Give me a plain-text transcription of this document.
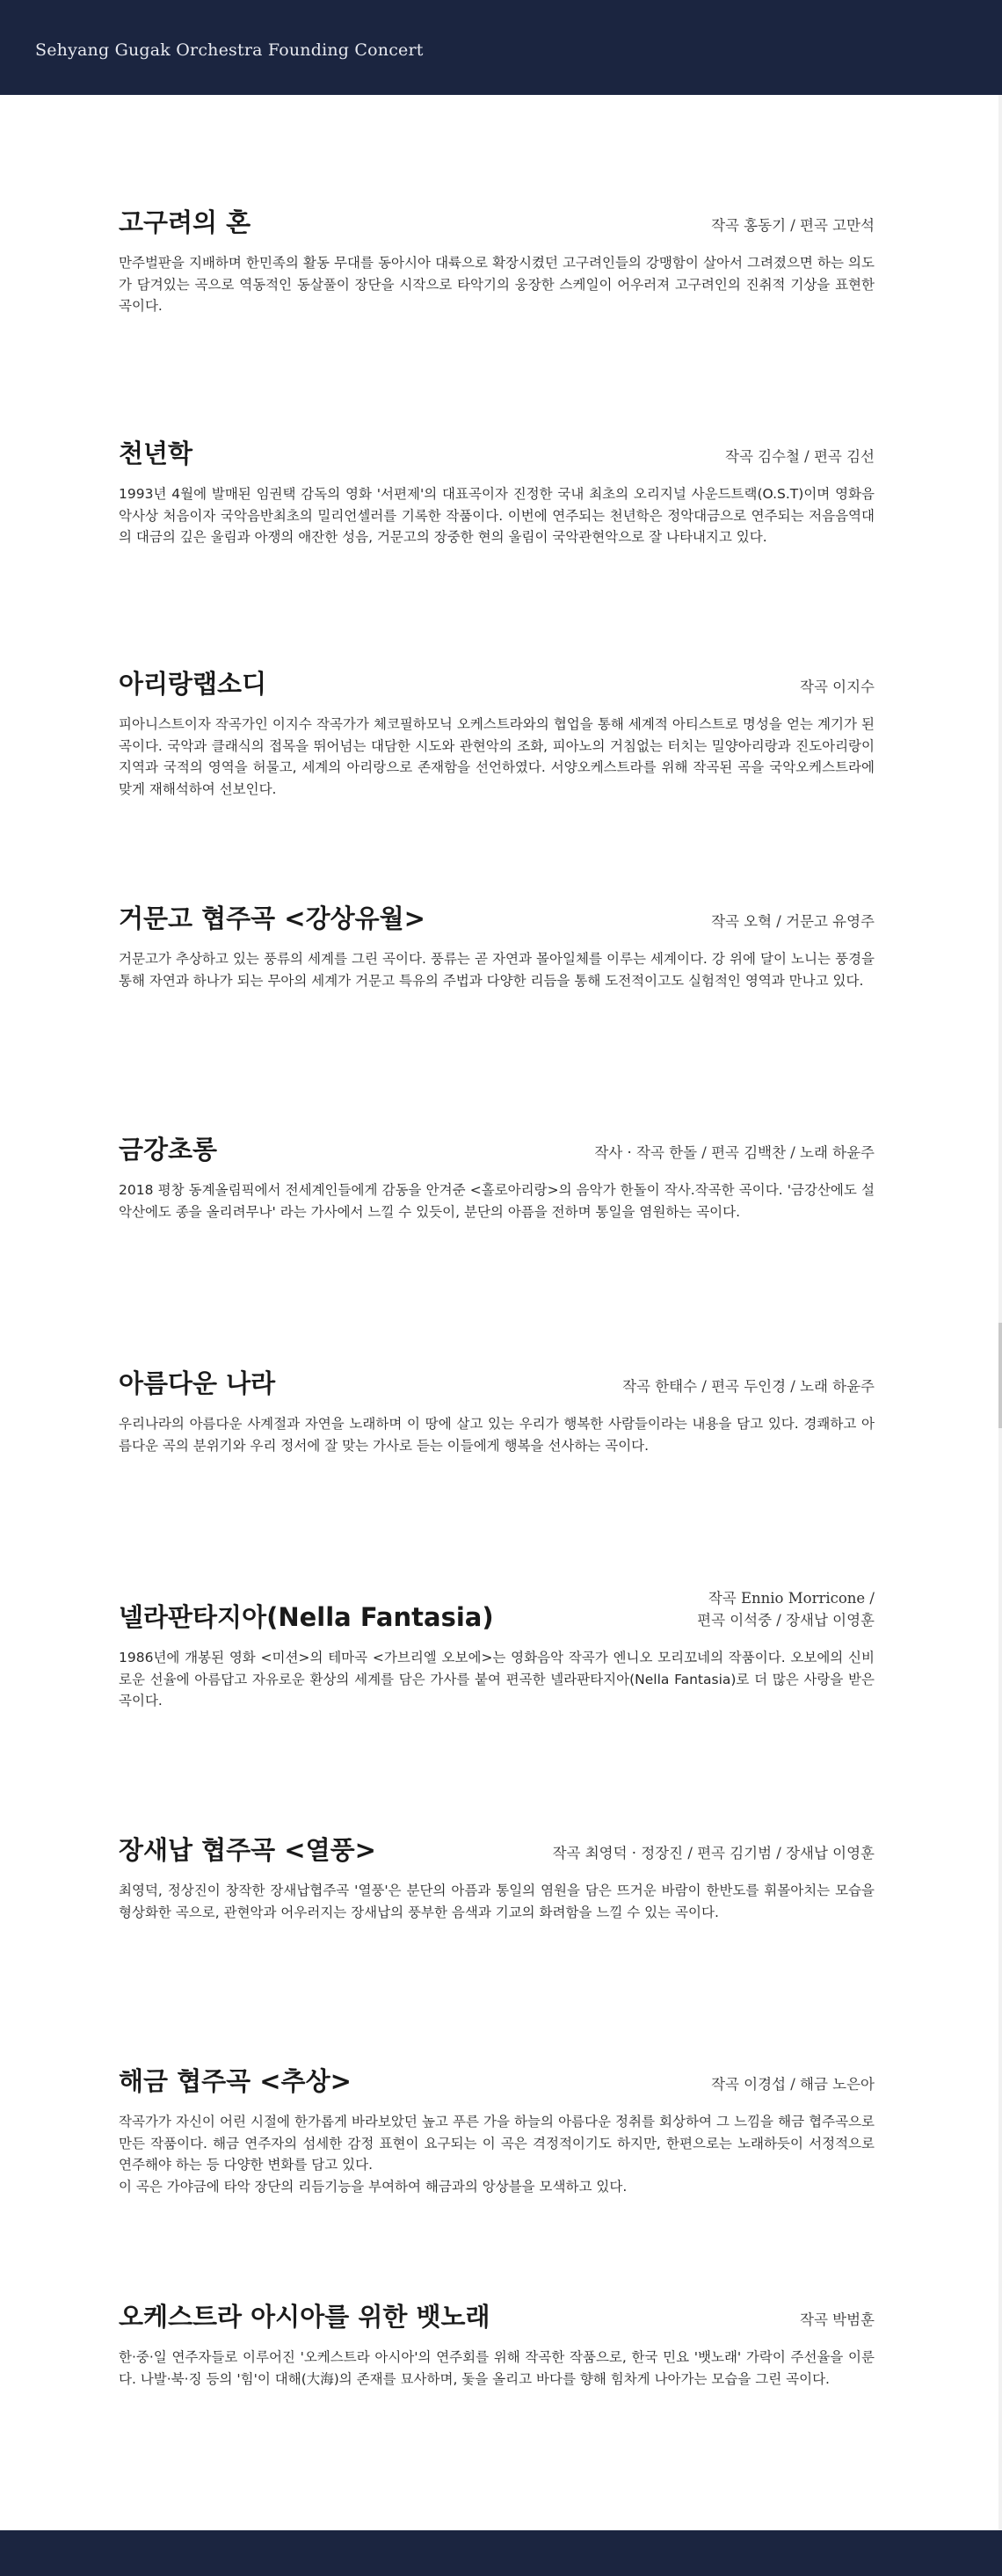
Sehyang Gugak Orchestra Founding Concert
고구려의 혼	작곡 홍동기 / 편곡 고만석
만주벌판을 지배하며 한민족의 활동 무대를 동아시아 대륙으로 확장시켰던 고구려인들의 강맹함이 살아서 그려졌으면 하는 의도가 담겨있는 곡으로 역동적인 동살풀이 장단을 시작으로 타악기의 웅장한 스케일이 어우러져 고구려인의 진취적 기상을 표현한 곡이다.
천년학	작곡 김수철 / 편곡 김선
1993년 4월에 발매된 임권택 감독의 영화 '서편제'의 대표곡이자 진정한 국내 최초의 오리지널 사운드트랙(O.S.T)이며 영화음악사상 처음이자 국악음반최초의 밀리언셀러를 기록한 작품이다. 이번에 연주되는 천년학은 정악대금으로 연주되는 저음음역대의 대금의 깊은 울림과 아쟁의 애잔한 성음, 거문고의 장중한 현의 울림이 국악관현악으로 잘 나타내지고 있다.
아리랑랩소디	작곡 이지수
피아니스트이자 작곡가인 이지수 작곡가가 체코필하모닉 오케스트라와의 협업을 통해 세계적 아티스트로 명성을 얻는 계기가 된 곡이다. 국악과 클래식의 접목을 뛰어넘는 대담한 시도와 관현악의 조화, 피아노의 거침없는 터치는 밀양아리랑과 진도아리랑이 지역과 국적의 영역을 허물고, 세계의 아리랑으로 존재함을 선언하였다. 서양오케스트라를 위해 작곡된 곡을 국악오케스트라에 맞게 재해석하여 선보인다.
거문고 협주곡 <강상유월>	작곡 오혁 / 거문고 유영주
거문고가 추상하고 있는 풍류의 세계를 그린 곡이다. 풍류는 곧 자연과 몰아일체를 이루는 세계이다. 강 위에 달이 노니는 풍경을 통해 자연과 하나가 되는 무아의 세계가 거문고 특유의 주법과 다양한 리듬을 통해 도전적이고도 실험적인 영역과 만나고 있다.
금강초롱	작사 · 작곡 한돌 / 편곡 김백찬 / 노래 하윤주
2018 평창 동계올림픽에서 전세계인들에게 감동을 안겨준 <홀로아리랑>의 음악가 한돌이 작사.작곡한 곡이다. '금강산에도 설악산에도 종을 올리려무나' 라는 가사에서 느낄 수 있듯이, 분단의 아픔을 전하며 통일을 염원하는 곡이다.
아름다운 나라	작곡 한태수 / 편곡 두인경 / 노래 하윤주
우리나라의 아름다운 사계절과 자연을 노래하며 이 땅에 살고 있는 우리가 행복한 사람들이라는 내용을 담고 있다. 경쾌하고 아름다운 곡의 분위기와 우리 정서에 잘 맞는 가사로 듣는 이들에게 행복을 선사하는 곡이다.
넬라판타지아(Nella Fantasia)
작곡 Ennio Morricone /
편곡 이석중 / 장새납 이영훈
1986년에 개봉된 영화 <미션>의 테마곡 <가브리엘 오보에>는 영화음악 작곡가 엔니오 모리꼬네의 작품이다. 오보에의 신비로운 선율에 아름답고 자유로운 환상의 세계를 담은 가사를 붙여 편곡한 넬라판타지아(Nella Fantasia)로 더 많은 사랑을 받은 곡이다.
장새납 협주곡 <열풍>	작곡 최영덕 · 정장진 / 편곡 김기범 / 장새납 이영훈
최영덕, 정상진이 창작한 장새납협주곡 '열풍'은 분단의 아픔과 통일의 염원을 담은 뜨거운 바람이 한반도를 휘몰아치는 모습을 형상화한 곡으로, 관현악과 어우러지는 장새납의 풍부한 음색과 기교의 화려함을 느낄 수 있는 곡이다.
해금 협주곡 <추상>	작곡 이경섭 / 해금 노은아
작곡가가 자신이 어린 시절에 한가롭게 바라보았던 높고 푸른 가을 하늘의 아름다운 정취를 회상하여 그 느낌을 해금 협주곡으로 만든 작품이다. 해금 연주자의 섬세한 감정 표현이 요구되는 이 곡은 격정적이기도 하지만, 한편으로는 노래하듯이 서정적으로 연주해야 하는 등 다양한 변화를 담고 있다.
이 곡은 가야금에 타악 장단의 리듬기능을 부여하여 해금과의 앙상블을 모색하고 있다.
오케스트라 아시아를 위한 뱃노래	작곡 박범훈
한·중·일 연주자들로 이루어진 '오케스트라 아시아'의 연주회를 위해 작곡한 작품으로, 한국 민요 '뱃노래' 가락이 주선율을 이룬다. 나발·북·징 등의 '힘'이 대해(大海)의 존재를 묘사하며, 돛을 올리고 바다를 향해 힘차게 나아가는 모습을 그린 곡이다.
